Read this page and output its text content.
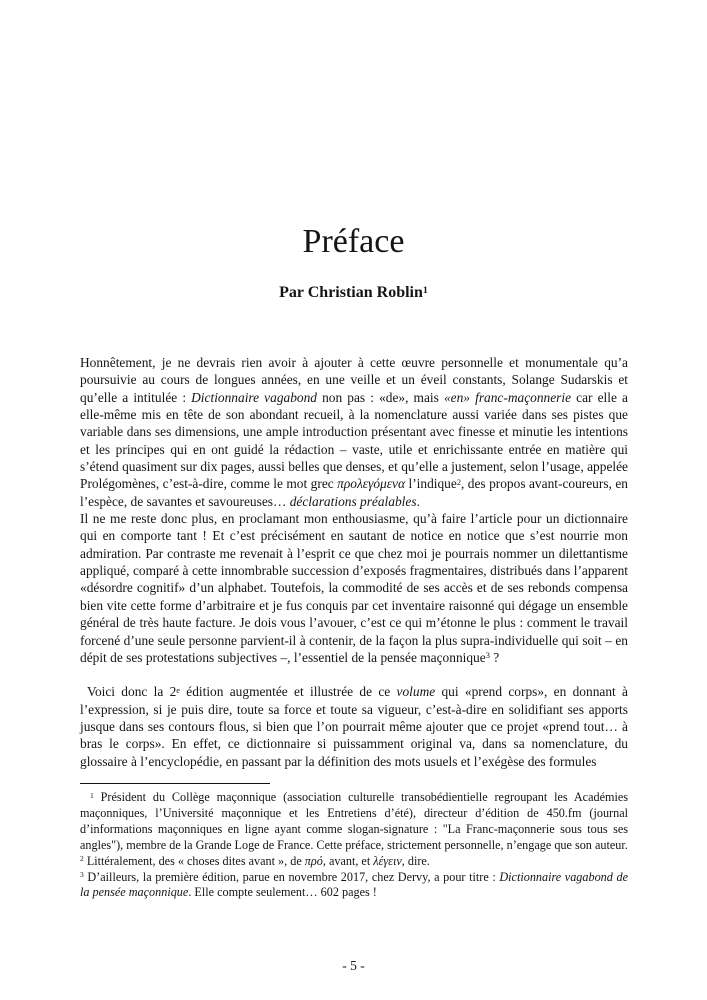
Préface
Par Christian Roblin$^1$

Honnêtement, je ne devrais rien avoir à ajouter à cette œuvre personnelle et monumentale qu’a poursuivie au cours de longues années, en une veille et un éveil constants, Solange Sudarskis et qu’elle a intitulée : Dictionnaire vagabond non pas : «de», mais «en» franc-maçonnerie car elle a elle-même mis en tête de son abondant recueil, à la nomenclature aussi variée dans ses pistes que variable dans ses dimensions, une ample introduction présentant avec finesse et minutie les intentions et les principes qui en ont guidé la rédaction – vaste, utile et enrichissante entrée en matière qui s’étend quasiment sur dix pages, aussi belles que denses, et qu’elle a justement, selon l’usage, appelée Prolégomènes, c’est-à-dire, comme le mot grec προλεγόμενα l’indique$^2$, des propos avant-coureurs, en l’espèce, de savantes et savoureuses… déclarations préalables.

Il ne me reste donc plus, en proclamant mon enthousiasme, qu’à faire l’article pour un dictionnaire qui en comporte tant ! Et c’est précisément en sautant de notice en notice que s’est nourrie mon admiration. Par contraste me revenait à l’esprit ce que chez moi je pourrais nommer un dilettantisme appliqué, comparé à cette innombrable succession d’exposés fragmentaires, distribués dans l’apparent «désordre cognitif» d’un alphabet. Toutefois, la commodité de ses accès et de ses rebonds compensa bien vite cette forme d’arbitraire et je fus conquis par cet inventaire raisonné qui dégage un ensemble général de très haute facture. Je dois vous l’avouer, c’est ce qui m’étonne le plus : comment le travail forcené d’une seule personne parvient-il à contenir, de la façon la plus supra-individuelle qui soit – en dépit de ses protestations subjectives –, l’essentiel de la pensée maçonnique$^3$ ?

Voici donc la 2e édition augmentée et illustrée de ce volume qui «prend corps», en donnant à l’expression, si je puis dire, toute sa force et toute sa vigueur, c’est-à-dire en solidifiant ses apports jusque dans ses contours flous, si bien que l’on pourrait même ajouter que ce projet «prend tout… à bras le corps». En effet, ce dictionnaire si puissamment original va, dans sa nomenclature, du glossaire à l’encyclopédie, en passant par la définition des mots usuels et l’exégèse des formules

$^1$ Président du Collège maçonnique (association culturelle transobédientielle regroupant les Académies maçonniques, l’Université maçonnique et les Entretiens d’été), directeur d’édition de 450.fm (journal d’informations maçonniques en ligne ayant comme slogan-signature : "La Franc-maçonnerie sous tous ses angles"), membre de la Grande Loge de France. Cette préface, strictement personnelle, n’engage que son auteur.
$^2$ Littéralement, des « choses dites avant », de πρό, avant, et λέγειν, dire.
$^3$ D’ailleurs, la première édition, parue en novembre 2017, chez Dervy, a pour titre : Dictionnaire vagabond de la pensée maçonnique. Elle compte seulement… 602 pages !
- 5 -
